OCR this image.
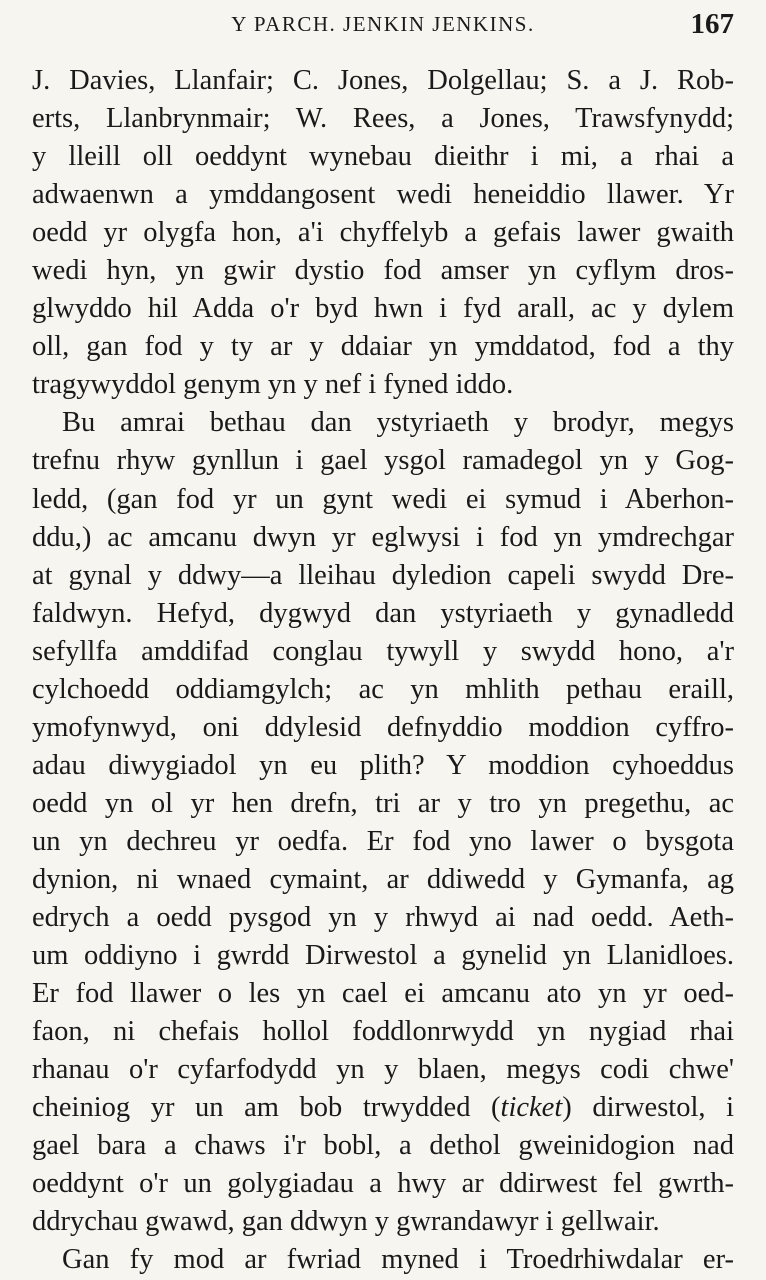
Y PARCH. JENKIN JENKINS.	167
J. Davies, Llanfair; C. Jones, Dolgellau; S. a J. Rob-
erts, Llanbrynmair; W. Rees, a Jones, Trawsfynydd;
y lleill oll oeddynt wynebau dieithr i mi, a rhai a
adwaenwn a ymddangosent wedi heneiddio llawer. Yr
oedd yr olygfa hon, a'i chyffelyb a gefais lawer gwaith
wedi hyn, yn gwir dystio fod amser yn cyflym dros-
glwyddo hil Adda o'r byd hwn i fyd arall, ac y dylem
oll, gan fod y ty ar y ddaiar yn ymddatod, fod a thy
tragywyddol genym yn y nef i fyned iddo.
Bu amrai bethau dan ystyriaeth y brodyr, megys
trefnu rhyw gynllun i gael ysgol ramadegol yn y Gog-
ledd, (gan fod yr un gynt wedi ei symud i Aberhon-
ddu,) ac amcanu dwyn yr eglwysi i fod yn ymdrechgar
at gynal y ddwy—a lleihau dyledion capeli swydd Dre-
faldwyn. Hefyd, dygwyd dan ystyriaeth y gynadledd
sefyllfa amddifad conglau tywyll y swydd hono, a'r
cylchoedd oddiamgylch; ac yn mhlith pethau eraill,
ymofynwyd, oni ddylesid defnyddio moddion cyffro-
adau diwygiadol yn eu plith? Y moddion cyhoeddus
oedd yn ol yr hen drefn, tri ar y tro yn pregethu, ac
un yn dechreu yr oedfa. Er fod yno lawer o bysgota
dynion, ni wnaed cymaint, ar ddiwedd y Gymanfa, ag
edrych a oedd pysgod yn y rhwyd ai nad oedd. Aeth-
um oddiyno i gwrdd Dirwestol a gynelid yn Llanidloes.
Er fod llawer o les yn cael ei amcanu ato yn yr oed-
faon, ni chefais hollol foddlonrwydd yn nygiad rhai
rhanau o'r cyfarfodydd yn y blaen, megys codi chwe'
cheiniog yr un am bob trwydded (ticket) dirwestol, i
gael bara a chaws i'r bobl, a dethol gweinidogion nad
oeddynt o'r un golygiadau a hwy ar ddirwest fel gwrth-
ddrychau gwawd, gan ddwyn y gwrandawyr i gellwair.
Gan fy mod ar fwriad myned i Troedrhiwdalar er-
